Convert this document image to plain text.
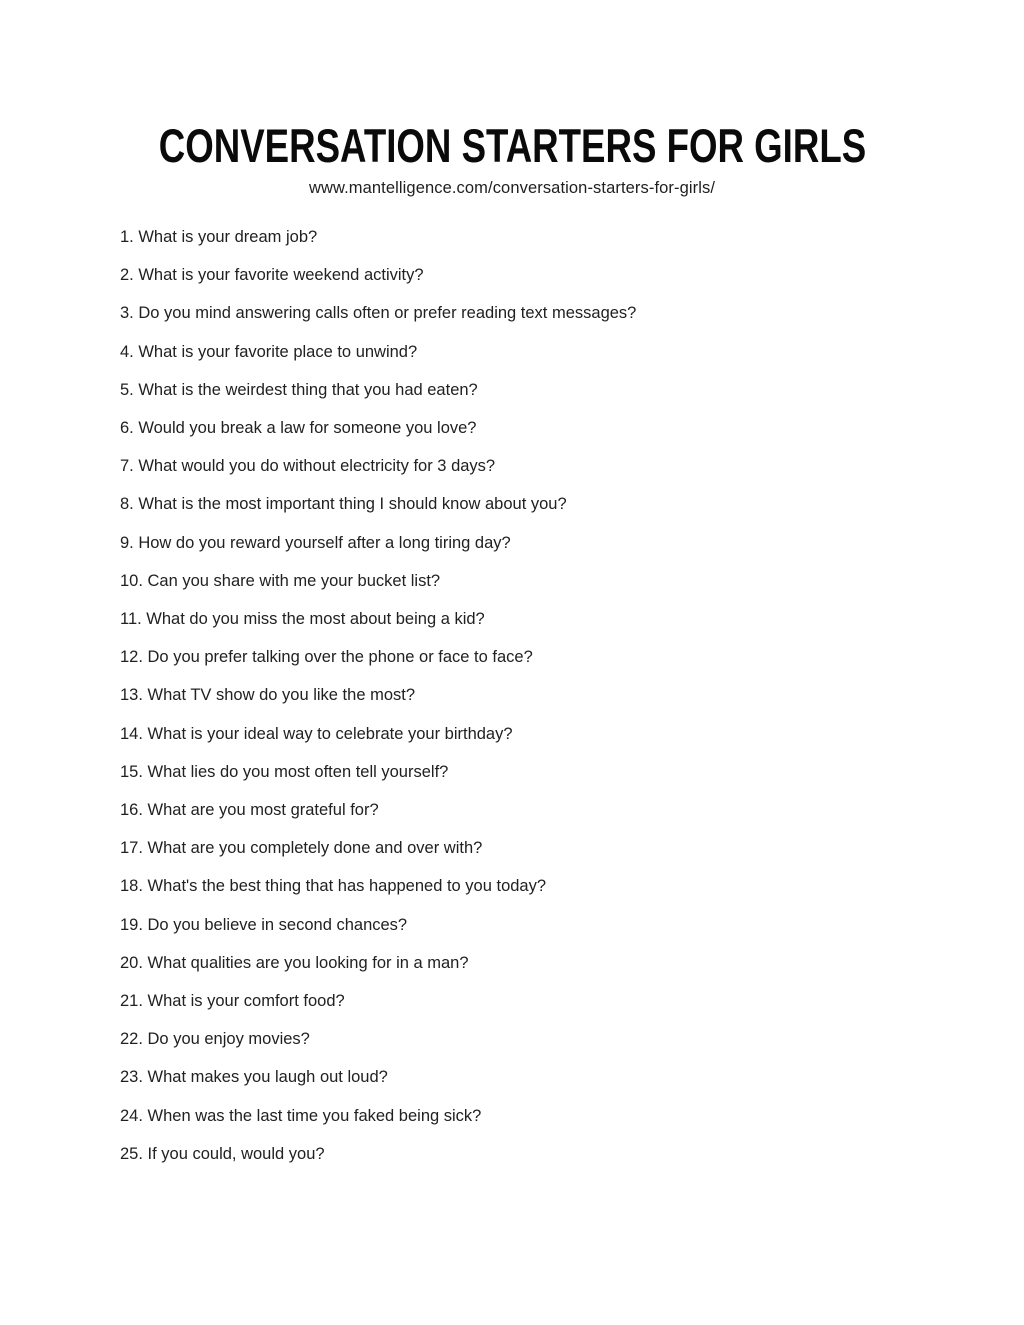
CONVERSATION STARTERS FOR GIRLS

www.mantelligence.com/conversation-starters-for-girls/

1. What is your dream job?

2. What is your favorite weekend activity?

3. Do you mind answering calls often or prefer reading text messages?

4. What is your favorite place to unwind?

5. What is the weirdest thing that you had eaten?

6. Would you break a law for someone you love?

7. What would you do without electricity for 3 days?

8. What is the most important thing I should know about you?

9. How do you reward yourself after a long tiring day?

10. Can you share with me your bucket list?

11. What do you miss the most about being a kid?

12. Do you prefer talking over the phone or face to face?

13. What TV show do you like the most?

14. What is your ideal way to celebrate your birthday?

15. What lies do you most often tell yourself?

16. What are you most grateful for?

17. What are you completely done and over with?

18. What's the best thing that has happened to you today?

19. Do you believe in second chances?

20. What qualities are you looking for in a man?

21. What is your comfort food?

22. Do you enjoy movies?

23. What makes you laugh out loud?

24. When was the last time you faked being sick?

25. If you could, would you?
